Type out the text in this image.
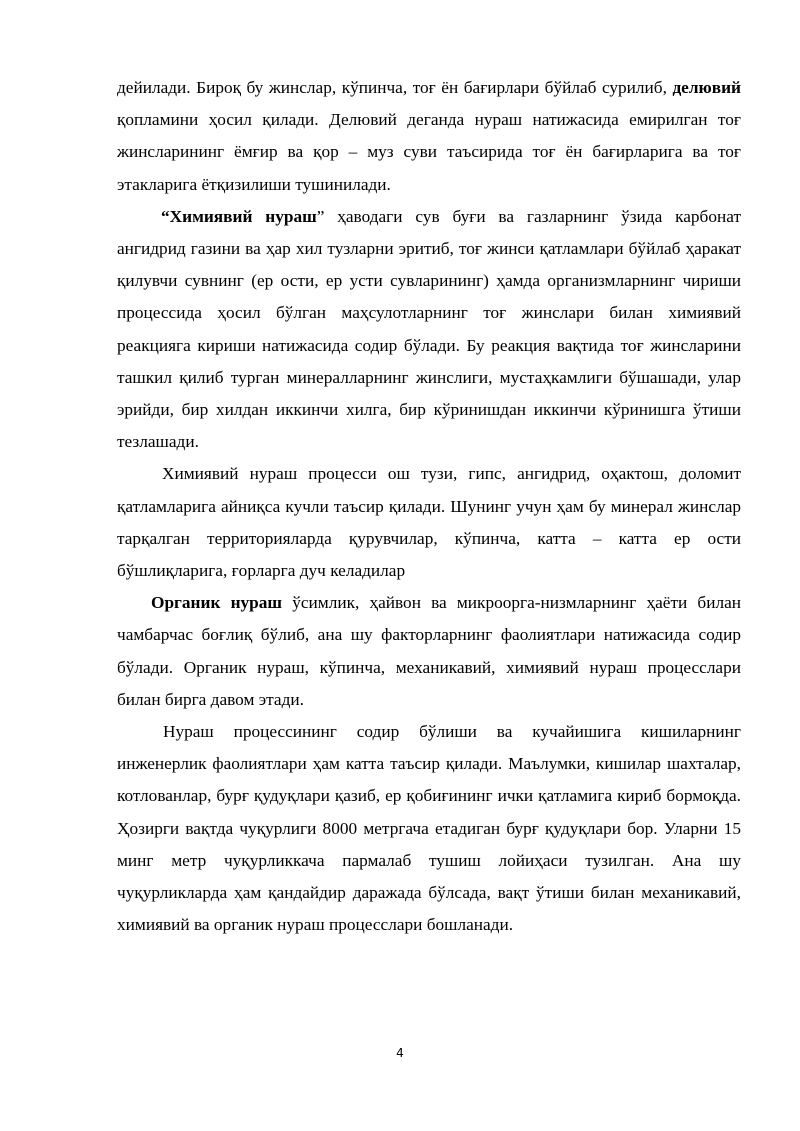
дейилади. Бироқ бу жинслар, кўпинча, тоғ ён бағирлари бўйлаб сурилиб, делювий қопламини ҳосил қилади. Делювий деганда нураш натижасида емирилган тоғ жинсларининг ёмғир ва қор – муз суви таъсирида тоғ ён бағирларига ва тоғ этакларига ётқизилиши тушинилади.

“Химиявий нураш” ҳаводаги сув буғи ва газларнинг ўзида карбонат ангидрид газини ва ҳар хил тузларни эритиб, тоғ жинси қатламлари бўйлаб ҳаракат қилувчи сувнинг (ер ости, ер усти сувларининг) ҳамда организмларнинг чириши процессида ҳосил бўлган маҳсулотларнинг тоғ жинслари билан химиявий реакцияга кириши натижасида содир бўлади. Бу реакция вақтида тоғ жинсларини ташкил қилиб турган минералларнинг жинслиги, мустаҳкамлиги бўшашади, улар эрийди, бир хилдан иккинчи хилга, бир кўринишдан иккинчи кўринишга ўтиши тезлашади.

Химиявий нураш процесси ош тузи, гипс, ангидрид, оҳактош, доломит қатламларига айниқса кучли таъсир қилади. Шунинг учун ҳам бу минерал жинслар тарқалган территорияларда қурувчилар, кўпинча, катта – катта ер ости бўшлиқларига, ғорларга дуч келадилар

Органик нураш ўсимлик, ҳайвон ва микроорга-низмларнинг ҳаёти билан чамбарчас боғлиқ бўлиб, ана шу факторларнинг фаолиятлари натижасида содир бўлади. Органик нураш, кўпинча, механикавий, химиявий нураш процесслари билан бирга давом этади.

Нураш процессининг содир бўлиши ва кучайишига кишиларнинг инженерлик фаолиятлари ҳам катта таъсир қилади. Маълумки, кишилар шахталар, котлованлар, бурғ қудуқлари қазиб, ер қобиғининг ички қатламига кириб бормоқда. Ҳозирги вақтда чуқурлиги 8000 метргача етадиган бурғ қудуқлари бор. Уларни 15 минг метр чуқурликкача пармалаб тушиш лойиҳаси тузилган. Ана шу чуқурликларда ҳам қандайдир даражада бўлсада, вақт ўтиши билан механикавий, химиявий ва органик нураш процесслари бошланади.

4
